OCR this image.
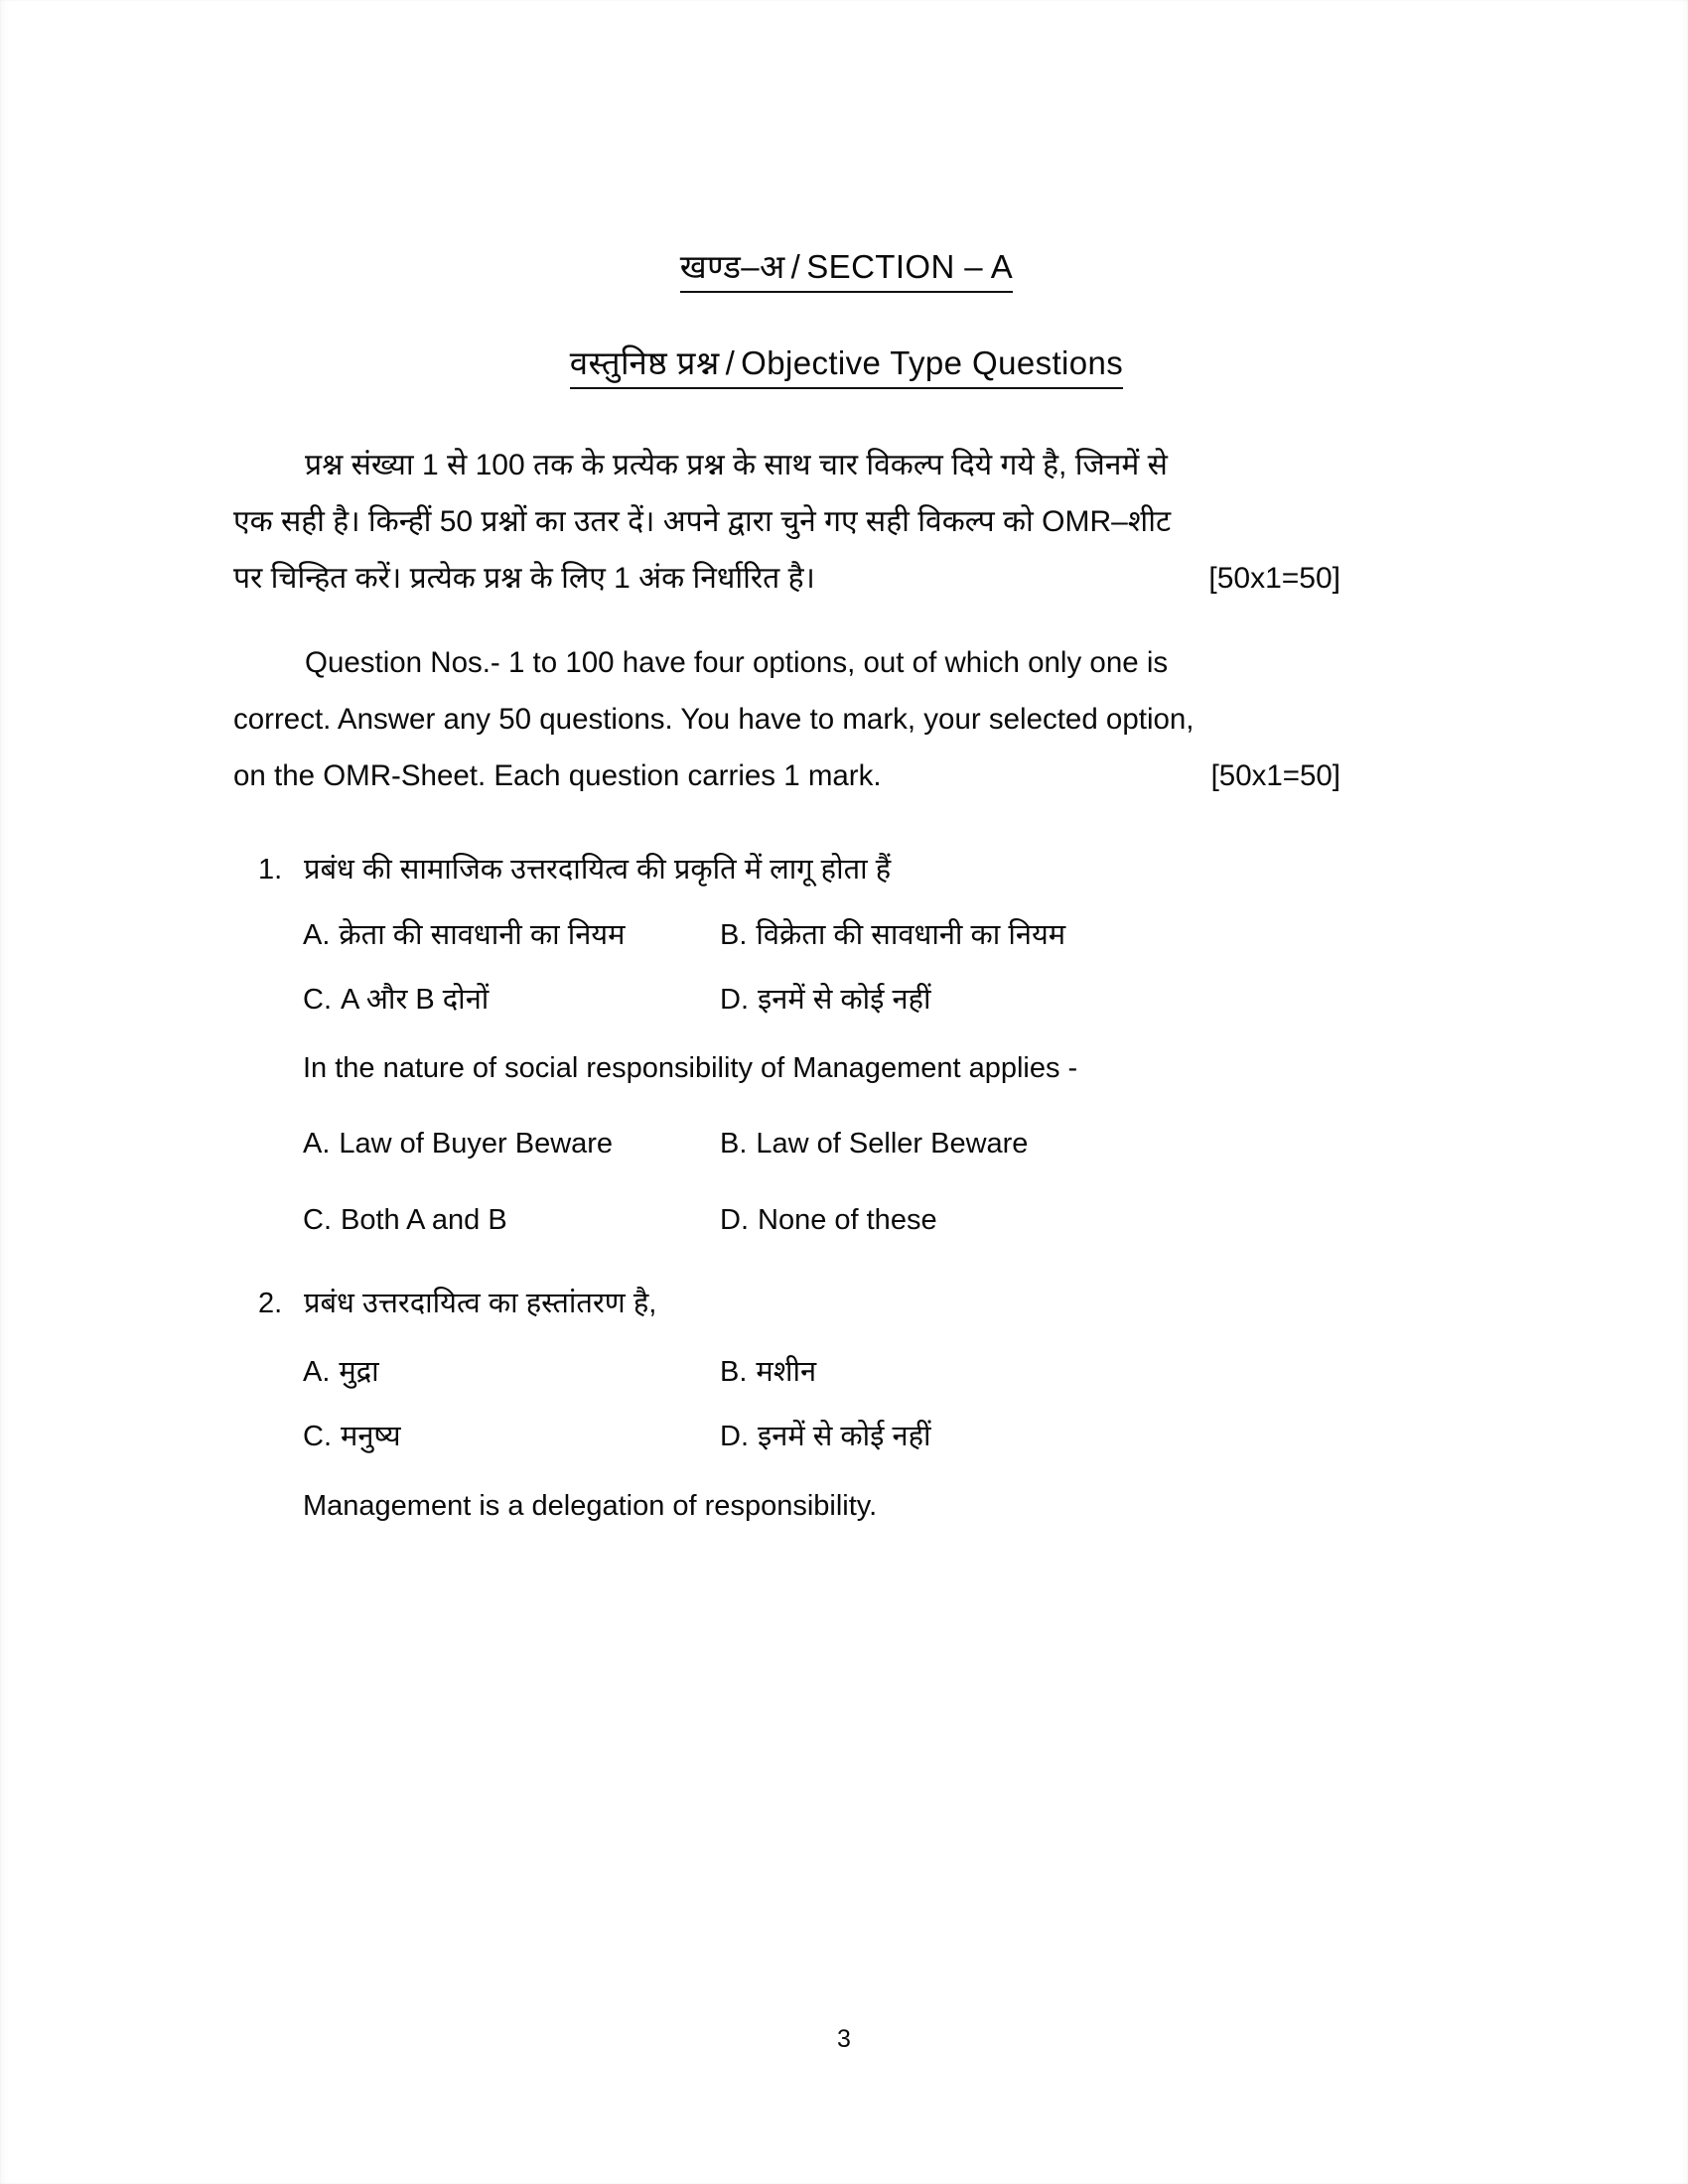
खण्ड–अ / SECTION – A
वस्तुनिष्ठ प्रश्न / Objective Type Questions
प्रश्न संख्या 1 से 100 तक के प्रत्येक प्रश्न के साथ चार विकल्प दिये गये है, जिनमें से
एक सही है। किन्हीं 50 प्रश्नों का उतर दें। अपने द्वारा चुने गए सही विकल्प को OMR–शीट
पर चिन्हित करें। प्रत्येक प्रश्न के लिए 1 अंक निर्धारित है।	[50x1=50]
Question Nos.- 1 to 100 have four options, out of which only one is
correct. Answer any 50 questions. You have to mark, your selected option,
on the OMR-Sheet. Each question carries 1 mark.	[50x1=50]
1. प्रबंध की सामाजिक उत्तरदायित्व की प्रकृति में लागू होता हैं
A. क्रेता की सावधानी का नियम	B. विक्रेता की सावधानी का नियम
C. A और B दोनों	D. इनमें से कोई नहीं
In the nature of social responsibility of Management applies -
A. Law of Buyer Beware	B. Law of Seller Beware
C. Both A and B	D. None of these
2. प्रबंध उत्तरदायित्व का हस्तांतरण है,
A. मुद्रा	B. मशीन
C. मनुष्य	D. इनमें से कोई नहीं
Management is a delegation of responsibility.
3
